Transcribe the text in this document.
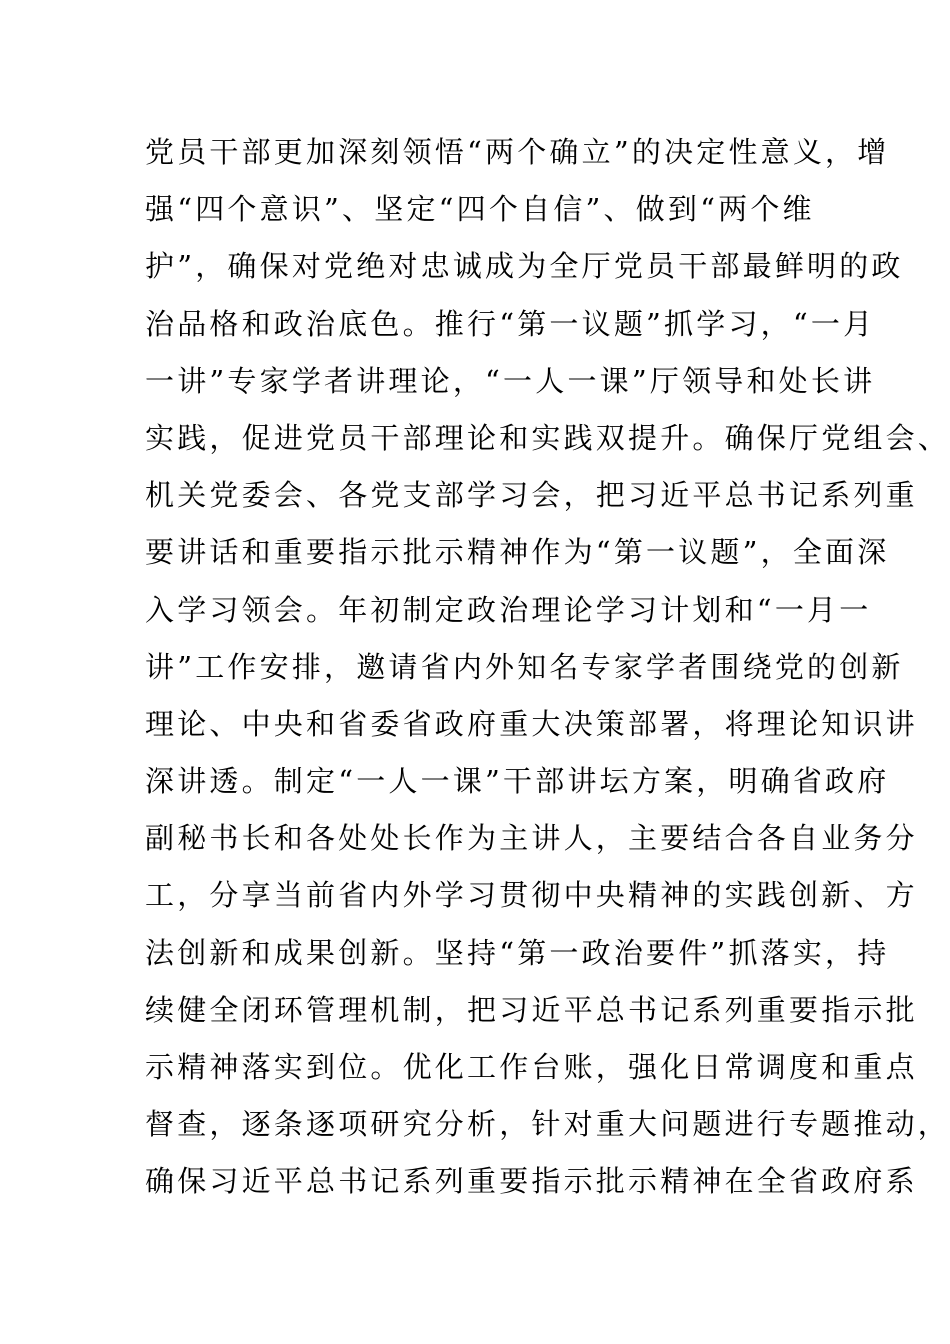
党员干部更加深刻领悟“两个确立”的决定性意义，增
强“四个意识”、坚定“四个自信”、做到“两个维
护”，确保对党绝对忠诚成为全厅党员干部最鲜明的政
治品格和政治底色。推行“第一议题”抓学习，“一月
一讲”专家学者讲理论，“一人一课”厅领导和处长讲
实践，促进党员干部理论和实践双提升。确保厅党组会、
机关党委会、各党支部学习会，把习近平总书记系列重
要讲话和重要指示批示精神作为“第一议题”，全面深
入学习领会。年初制定政治理论学习计划和“一月一
讲”工作安排，邀请省内外知名专家学者围绕党的创新
理论、中央和省委省政府重大决策部署，将理论知识讲
深讲透。制定“一人一课”干部讲坛方案，明确省政府
副秘书长和各处处长作为主讲人，主要结合各自业务分
工，分享当前省内外学习贯彻中央精神的实践创新、方
法创新和成果创新。坚持“第一政治要件”抓落实，持
续健全闭环管理机制，把习近平总书记系列重要指示批
示精神落实到位。优化工作台账，强化日常调度和重点
督查，逐条逐项研究分析，针对重大问题进行专题推动，
确保习近平总书记系列重要指示批示精神在全省政府系
